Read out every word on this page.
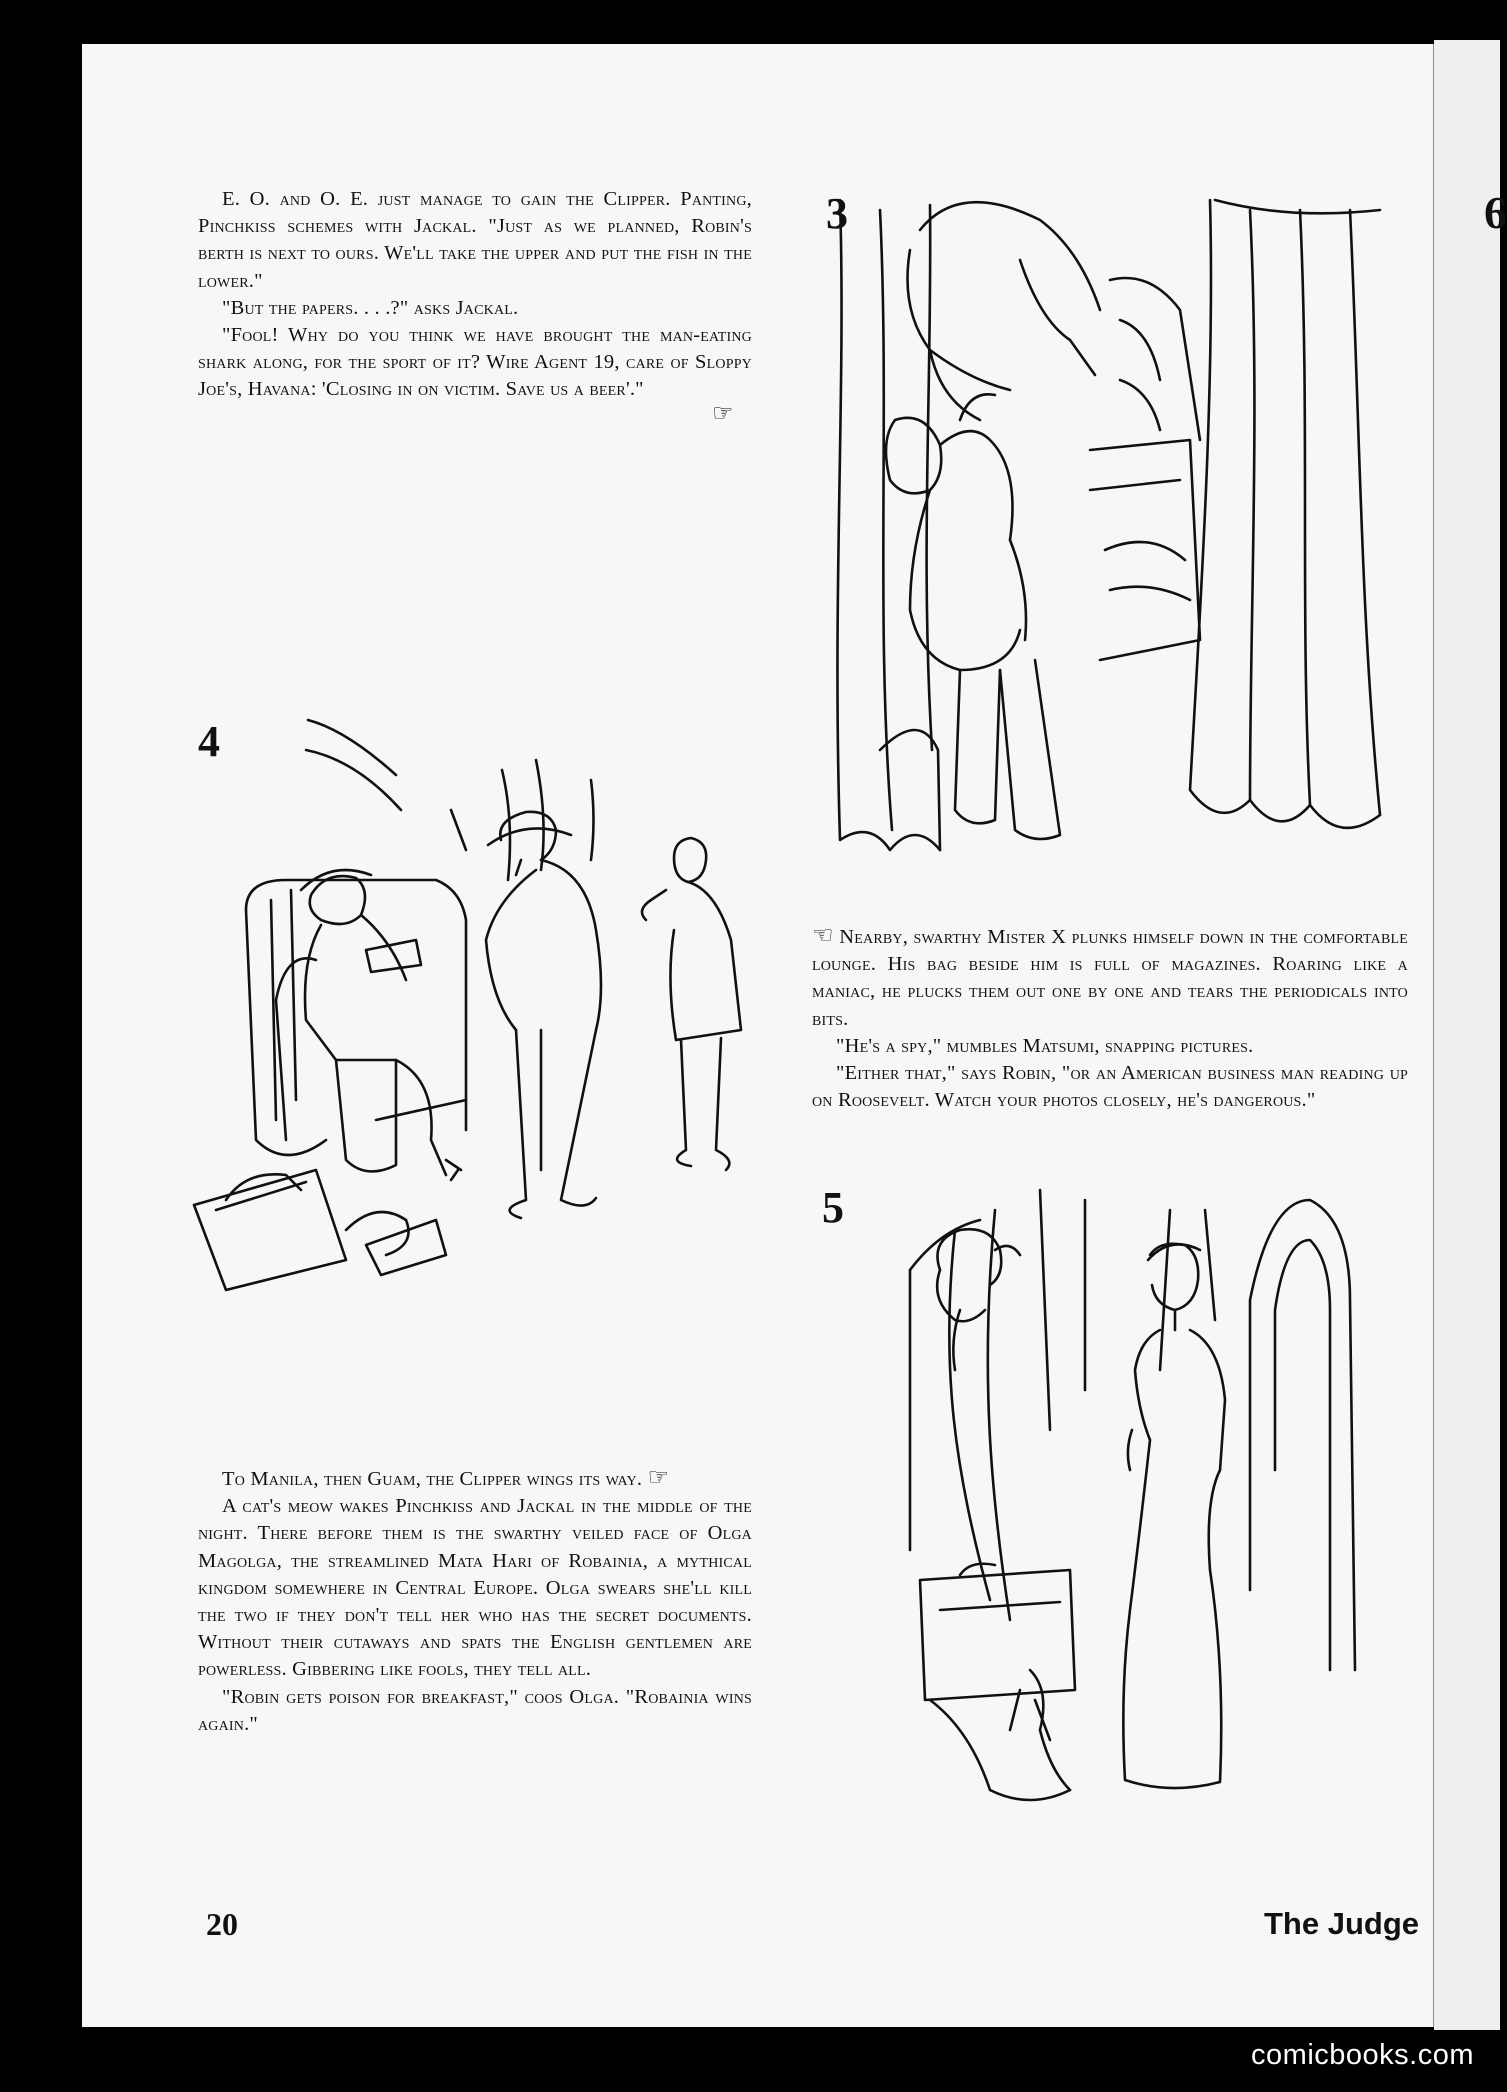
6

E. O. and O. E. just manage to gain the Clipper. Panting, Pinchkiss schemes with Jackal. "Just as we planned, Robin's berth is next to ours. We'll take the upper and put the fish in the lower."

"But the papers. . . .?" asks Jackal.

"Fool! Why do you think we have brought the man-eating shark along, for the sport of it? Wire Agent 19, care of Sloppy Joe's, Havana: 'Closing in on victim. Save us a beer'."

☞
3
4

☜ Nearby, swarthy Mister X plunks himself down in the comfortable lounge. His bag beside him is full of magazines. Roaring like a maniac, he plucks them out one by one and tears the periodicals into bits.

"He's a spy," mumbles Matsumi, snapping pictures.

"Either that," says Robin, "or an American business man reading up on Roosevelt. Watch your photos closely, he's dangerous."

5

To Manila, then Guam, the Clipper wings its way. ☞

A cat's meow wakes Pinchkiss and Jackal in the middle of the night. There before them is the swarthy veiled face of Olga Magolga, the streamlined Mata Hari of Robainia, a mythical kingdom somewhere in Central Europe. Olga swears she'll kill the two if they don't tell her who has the secret documents. Without their cutaways and spats the English gentlemen are powerless. Gibbering like fools, they tell all.

"Robin gets poison for breakfast," coos Olga. "Robainia wins again."

20	The Judge
comicbooks.com
